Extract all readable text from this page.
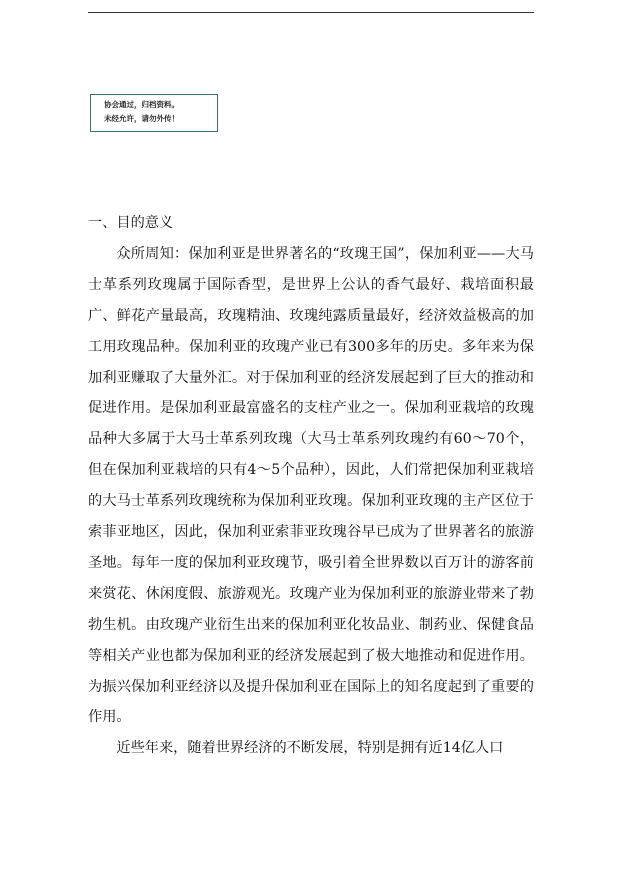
协会通过，归档资料。
未经允许，请勿外传！
一、目的意义

众所周知：保加利亚是世界著名的“玫瑰王国”，保加利亚——大马士革系列玫瑰属于国际香型，是世界上公认的香气最好、栽培面积最广、鲜花产量最高，玫瑰精油、玫瑰纯露质量最好，经济效益极高的加工用玫瑰品种。保加利亚的玫瑰产业已有300多年的历史。多年来为保加利亚赚取了大量外汇。对于保加利亚的经济发展起到了巨大的推动和促进作用。是保加利亚最富盛名的支柱产业之一。保加利亚栽培的玫瑰品种大多属于大马士革系列玫瑰（大马士革系列玫瑰约有60～70个，但在保加利亚栽培的只有4～5个品种），因此，人们常把保加利亚栽培的大马士革系列玫瑰统称为保加利亚玫瑰。保加利亚玫瑰的主产区位于索菲亚地区，因此，保加利亚索菲亚玫瑰谷早已成为了世界著名的旅游圣地。每年一度的保加利亚玫瑰节，吸引着全世界数以百万计的游客前来赏花、休闲度假、旅游观光。玫瑰产业为保加利亚的旅游业带来了勃勃生机。由玫瑰产业衍生出来的保加利亚化妆品业、制药业、保健食品等相关产业也都为保加利亚的经济发展起到了极大地推动和促进作用。为振兴保加利亚经济以及提升保加利亚在国际上的知名度起到了重要的作用。

近些年来，随着世界经济的不断发展，特别是拥有近14亿人口
